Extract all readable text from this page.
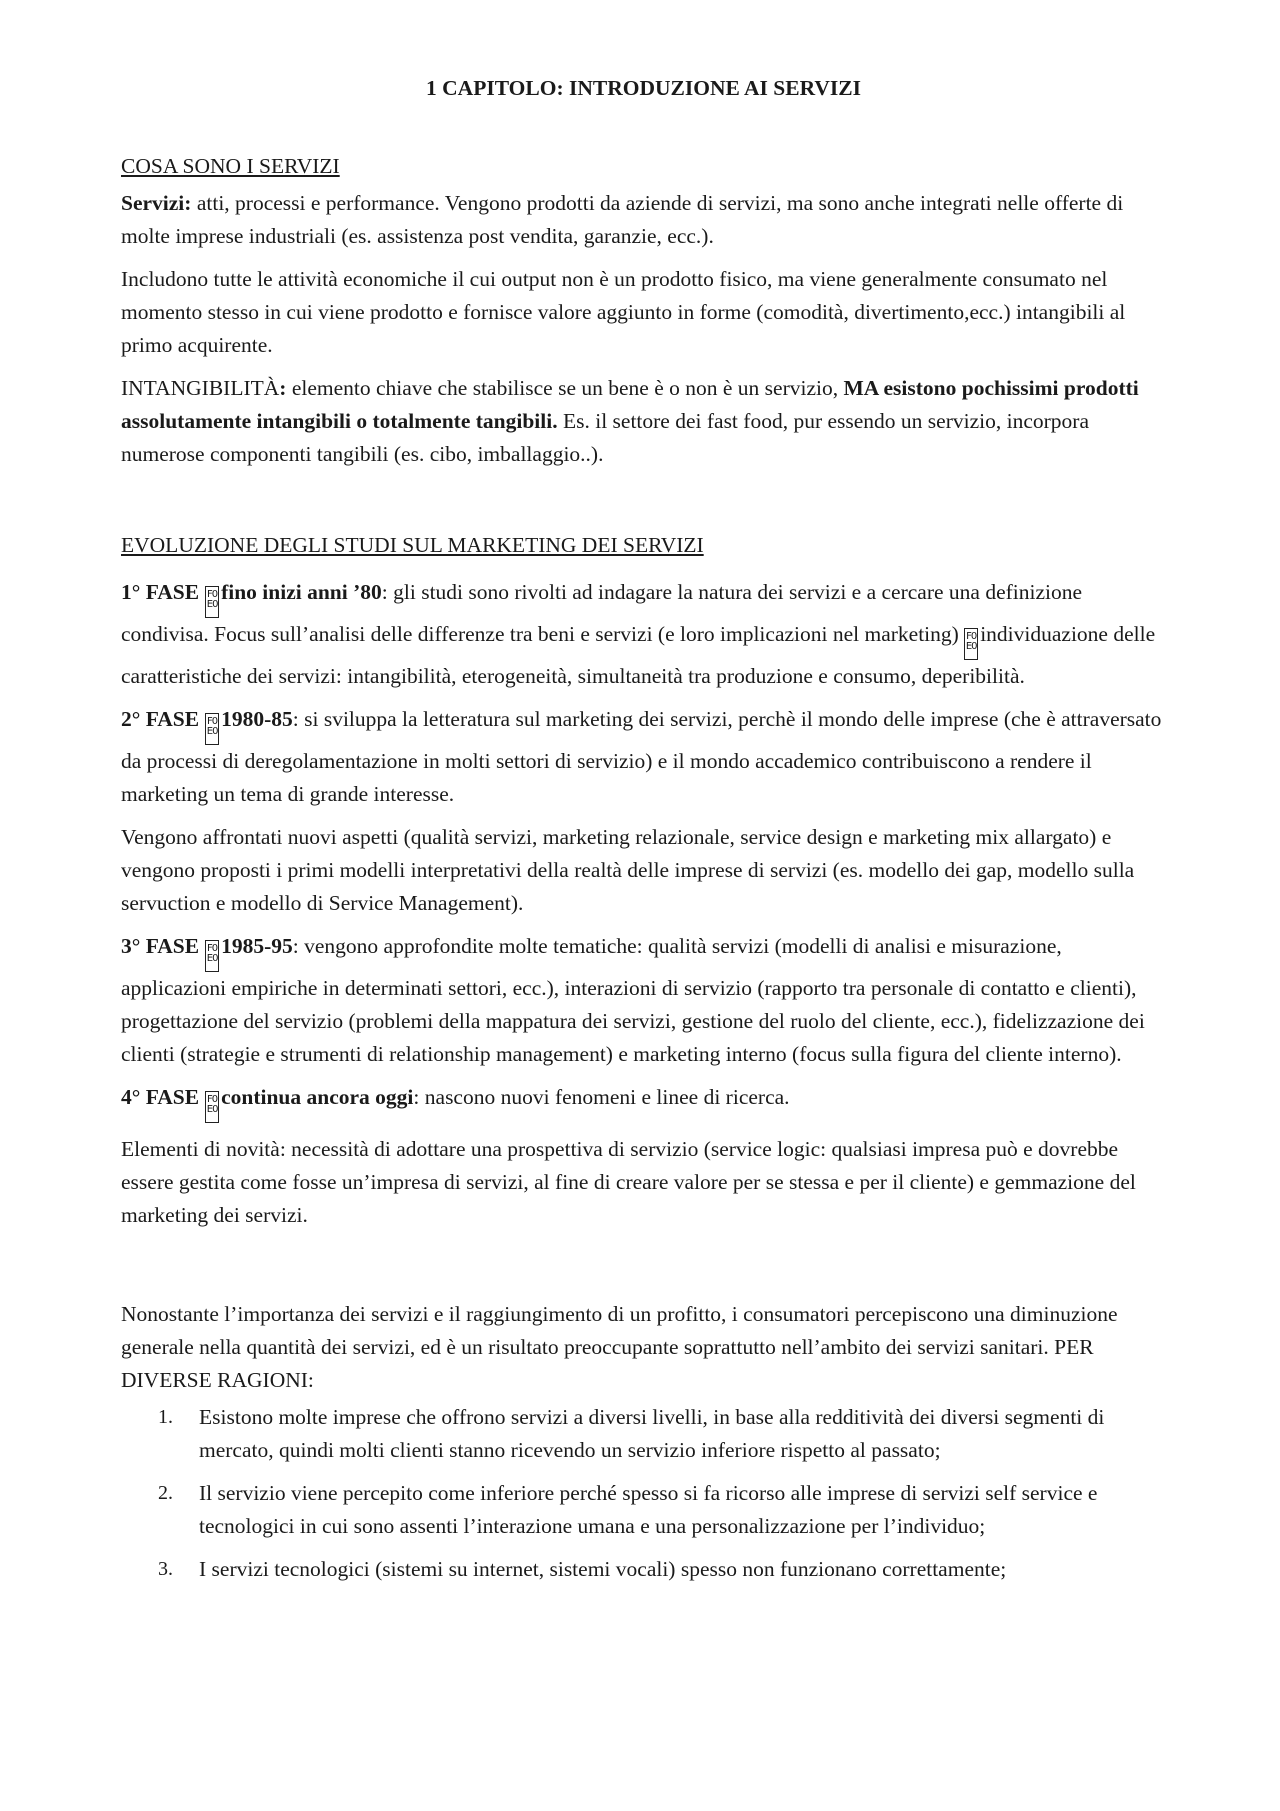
1 CAPITOLO: INTRODUZIONE AI SERVIZI
COSA SONO I SERVIZI

Servizi: atti, processi e performance. Vengono prodotti da aziende di servizi, ma sono anche integrati nelle offerte di molte imprese industriali (es. assistenza post vendita, garanzie, ecc.).

Includono tutte le attività economiche il cui output non è un prodotto fisico, ma viene generalmente consumato nel momento stesso in cui viene prodotto e fornisce valore aggiunto in forme (comodità, divertimento,ecc.) intangibili al primo acquirente.

INTANGIBILITÀ: elemento chiave che stabilisce se un bene è o non è un servizio, MA esistono pochissimi prodotti assolutamente intangibili o totalmente tangibili. Es. il settore dei fast food, pur essendo un servizio, incorpora numerose componenti tangibili (es. cibo, imballaggio..).

EVOLUZIONE DEGLI STUDI SUL MARKETING DEI SERVIZI

1° FASE F0 E0fino inizi anni ’80: gli studi sono rivolti ad indagare la natura dei servizi e a cercare una definizione condivisa. Focus sull’analisi delle differenze tra beni e servizi (e loro implicazioni nel marketing) F0 E0individuazione delle caratteristiche dei servizi: intangibilità, eterogeneità, simultaneità tra produzione e consumo, deperibilità.

2° FASE F0 E01980-85: si sviluppa la letteratura sul marketing dei servizi, perchè il mondo delle imprese (che è attraversato da processi di deregolamentazione in molti settori di servizio) e il mondo accademico contribuiscono a rendere il marketing un tema di grande interesse.

Vengono affrontati nuovi aspetti (qualità servizi, marketing relazionale, service design e marketing mix allargato) e vengono proposti i primi modelli interpretativi della realtà delle imprese di servizi (es. modello dei gap, modello sulla servuction e modello di Service Management).

3° FASE F0 E01985-95: vengono approfondite molte tematiche: qualità servizi (modelli di analisi e misurazione, applicazioni empiriche in determinati settori, ecc.), interazioni di servizio (rapporto tra personale di contatto e clienti), progettazione del servizio (problemi della mappatura dei servizi, gestione del ruolo del cliente, ecc.), fidelizzazione dei clienti (strategie e strumenti di relationship management) e marketing interno (focus sulla figura del cliente interno).

4° FASE F0 E0continua ancora oggi: nascono nuovi fenomeni e linee di ricerca.

Elementi di novità: necessità di adottare una prospettiva di servizio (service logic: qualsiasi impresa può e dovrebbe essere gestita come fosse un’impresa di servizi, al fine di creare valore per se stessa e per il cliente) e gemmazione del marketing dei servizi.

Nonostante l’importanza dei servizi e il raggiungimento di un profitto, i consumatori percepiscono una diminuzione generale nella quantità dei servizi, ed è un risultato preoccupante soprattutto nell’ambito dei servizi sanitari. PER DIVERSE RAGIONI:

1. Esistono molte imprese che offrono servizi a diversi livelli, in base alla redditività dei diversi segmenti di mercato, quindi molti clienti stanno ricevendo un servizio inferiore rispetto al passato;
2. Il servizio viene percepito come inferiore perché spesso si fa ricorso alle imprese di servizi self service e tecnologici in cui sono assenti l’interazione umana e una personalizzazione per l’individuo;
3. I servizi tecnologici (sistemi su internet, sistemi vocali) spesso non funzionano correttamente;
